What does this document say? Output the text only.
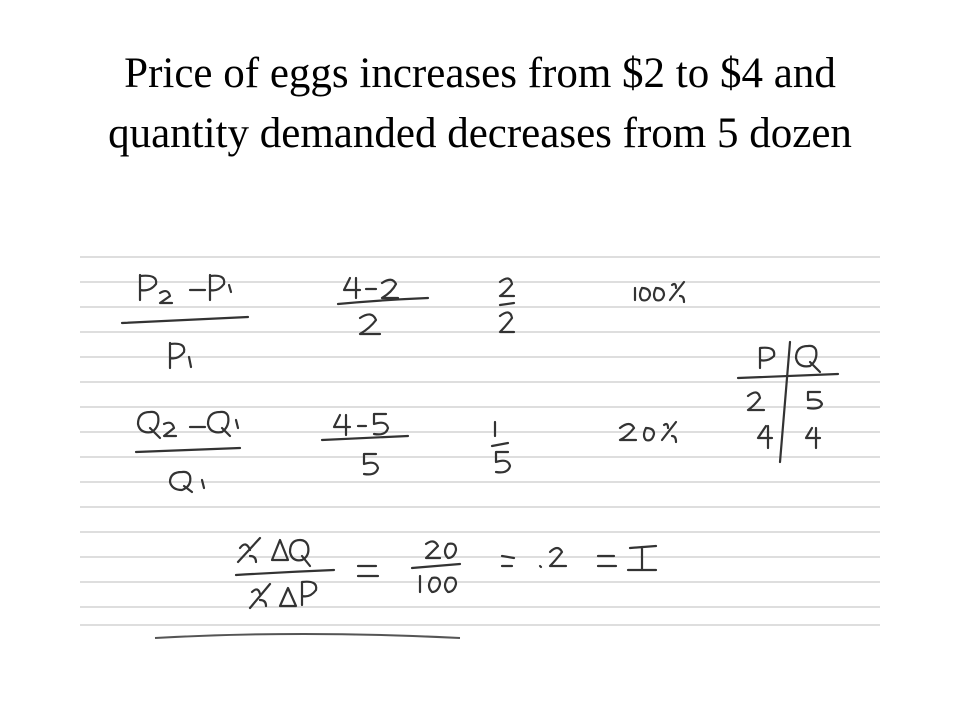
Price of eggs increases from $2 to $4 and
quantity demanded decreases from 5 dozen
